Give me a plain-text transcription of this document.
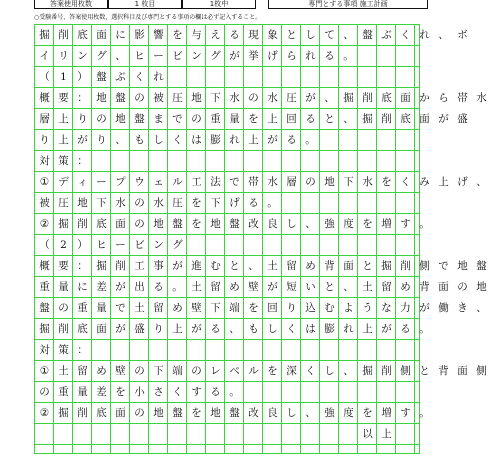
答案使用枚数	1 枚目	1枚中	専門とする事項 施工計画
○受験番号，答案使用枚数，選択科目及び専門とする事項の欄は必ず記入すること。
掘 削 底 面 に 影 響 を 与 え る 現 象 と し て 、 盤 ぶ く れ 、 ボ
イ リ ン グ 、 ヒ ー ビ ン グ が 挙 げ ら れ る 。
（ 1 ） 盤 ぶ く れ
概 要 ： 地 盤 の 被 圧 地 下 水 の 水 圧 が 、 掘 削 底 面 か ら 帯 水
層 上 り の 地 盤 ま で の 重 量 を 上 回 る と 、 掘 削 底 面 が 盛
り 上 が り 、 も し く は 膨 れ 上 が る 。
対 策 ：
① デ ィ ー プ ウ ェ ル 工 法 で 帯 水 層 の 地 下 水 を く み 上 げ 、
被 圧 地 下 水 の 水 圧 を 下 げ る 。
② 掘 削 底 面 の 地 盤 を 地 盤 改 良 し 、 強 度 を 増 す 。
（ 2 ） ヒ ー ビ ン グ
概 要 ： 掘 削 工 事 が 進 む と 、 土 留 め 背 面 と 掘 削 側 で 地 盤
重 量 に 差 が 出 る 。 土 留 め 壁 が 短 い と 、 土 留 め 背 面 の 地
盤 の 重 量 で 土 留 め 壁 下 端 を 回 り 込 む よ う な 力 が 働 き 、
掘 削 底 面 が 盛 り 上 が る 、 も し く は 膨 れ 上 が る 。
対 策 ：
① 土 留 め 壁 の 下 端 の レ ベ ル を 深 く し 、 掘 削 側 と 背 面 側
の 重 量 差 を 小 さ く す る 。
② 掘 削 底 面 の 地 盤 を 地 盤 改 良 し 、 強 度 を 増 す 。
以 上
